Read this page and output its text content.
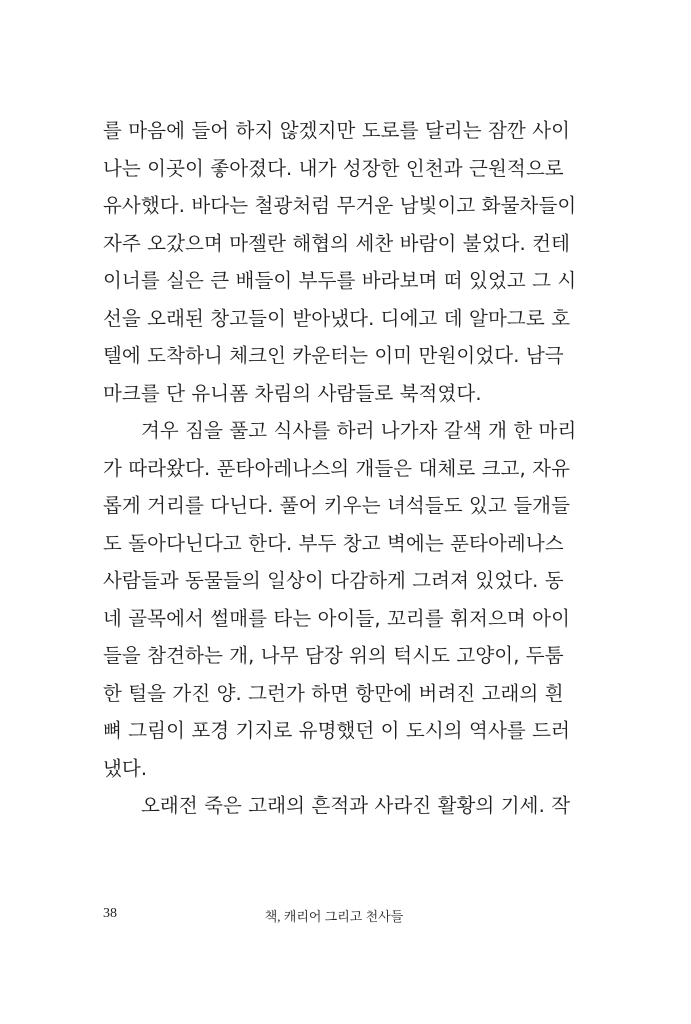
를 마음에 들어 하지 않겠지만 도로를 달리는 잠깐 사이
나는 이곳이 좋아졌다. 내가 성장한 인천과 근원적으로
유사했다. 바다는 철광처럼 무거운 남빛이고 화물차들이
자주 오갔으며 마젤란 해협의 세찬 바람이 불었다. 컨테
이너를 실은 큰 배들이 부두를 바라보며 떠 있었고 그 시
선을 오래된 창고들이 받아냈다. 디에고 데 알마그로 호
텔에 도착하니 체크인 카운터는 이미 만원이었다. 남극
마크를 단 유니폼 차림의 사람들로 북적였다.
겨우 짐을 풀고 식사를 하러 나가자 갈색 개 한 마리
가 따라왔다. 푼타아레나스의 개들은 대체로 크고, 자유
롭게 거리를 다닌다. 풀어 키우는 녀석들도 있고 들개들
도 돌아다닌다고 한다. 부두 창고 벽에는 푼타아레나스
사람들과 동물들의 일상이 다감하게 그려져 있었다. 동
네 골목에서 썰매를 타는 아이들, 꼬리를 휘저으며 아이
들을 참견하는 개, 나무 담장 위의 턱시도 고양이, 두툼
한 털을 가진 양. 그런가 하면 항만에 버려진 고래의 흰
뼈 그림이 포경 기지로 유명했던 이 도시의 역사를 드러
냈다.
오래전 죽은 고래의 흔적과 사라진 활황의 기세. 작
38	책, 캐리어 그리고 천사들
